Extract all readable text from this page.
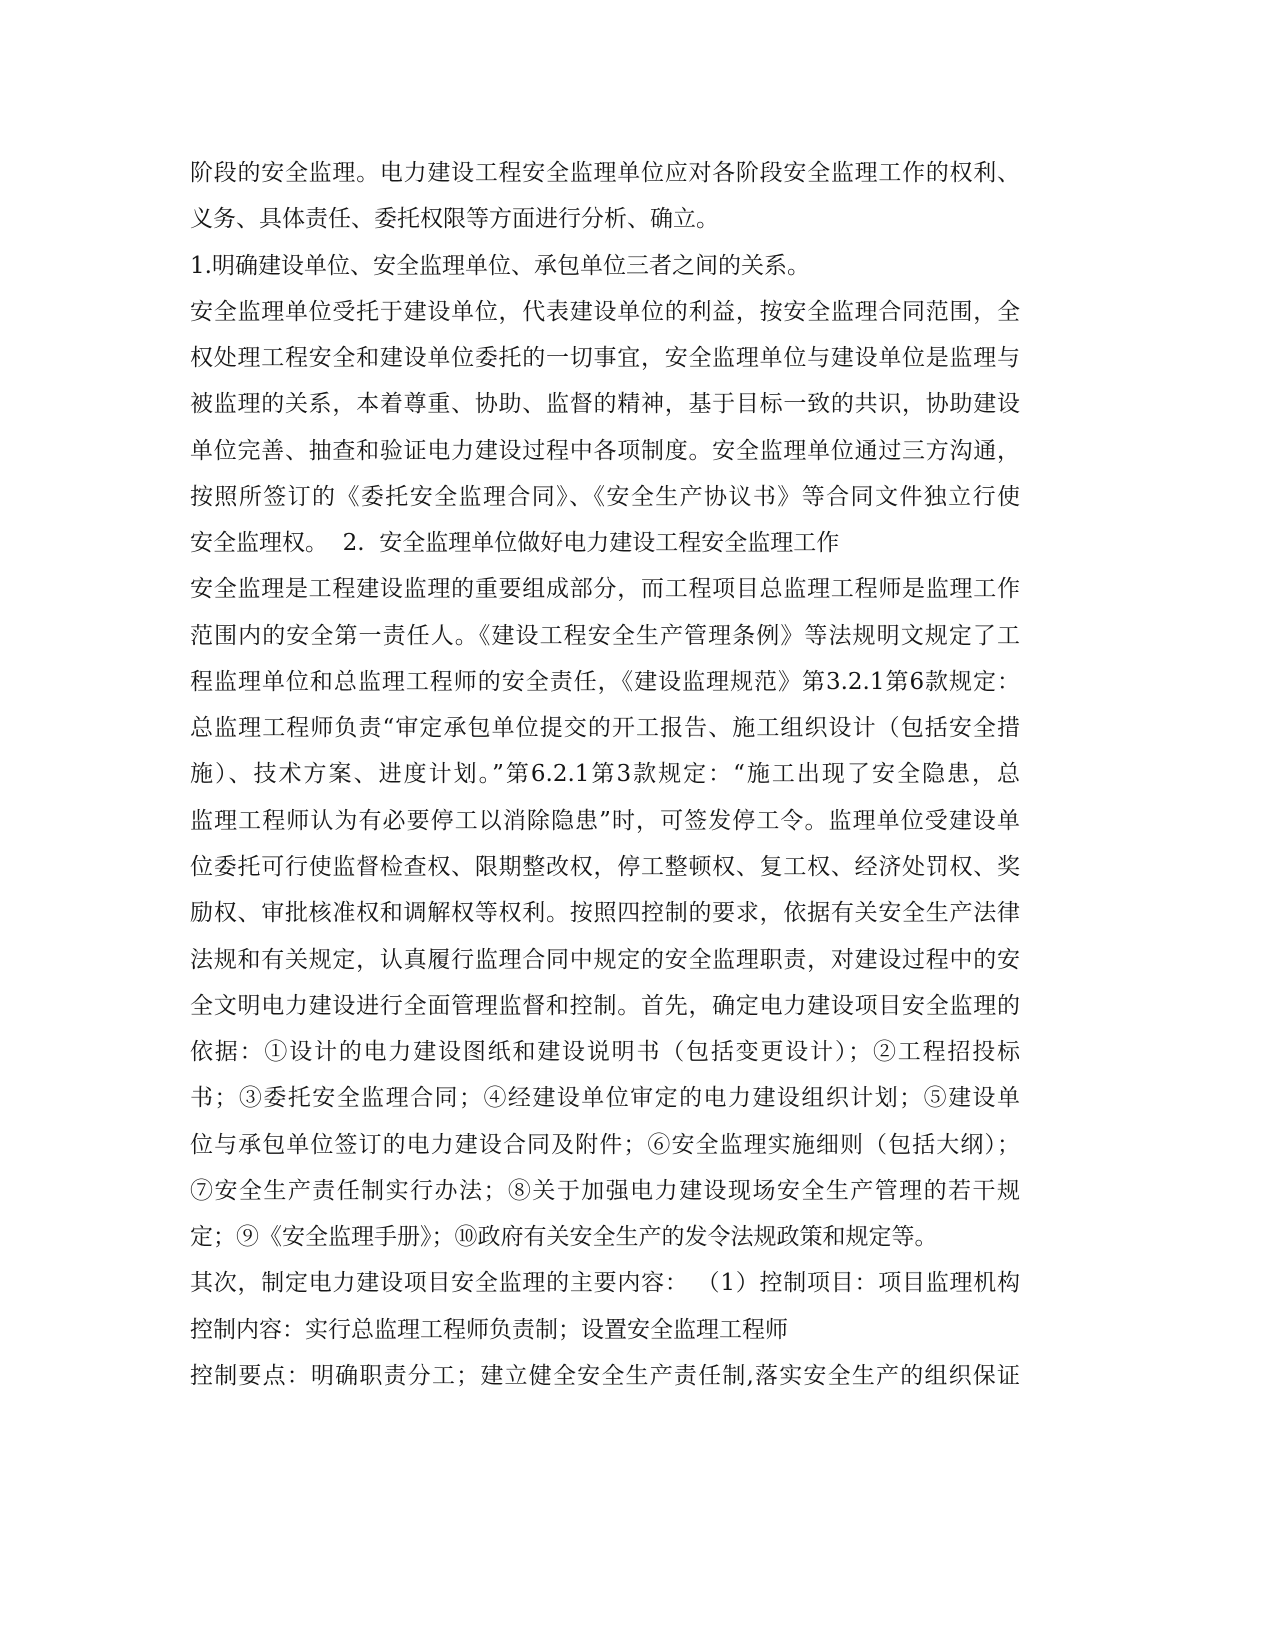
阶段的安全监理。电力建设工程安全监理单位应对各阶段安全监理工作的权利、
义务、具体责任、委托权限等方面进行分析、确立。
1.明确建设单位、安全监理单位、承包单位三者之间的关系。
安全监理单位受托于建设单位，代表建设单位的利益，按安全监理合同范围，全
权处理工程安全和建设单位委托的一切事宜，安全监理单位与建设单位是监理与
被监理的关系，本着尊重、协助、监督的精神，基于目标一致的共识，协助建设
单位完善、抽查和验证电力建设过程中各项制度。安全监理单位通过三方沟通，
按照所签订的《委托安全监理合同》、《安全生产协议书》等合同文件独立行使
安全监理权。  2.  安全监理单位做好电力建设工程安全监理工作
安全监理是工程建设监理的重要组成部分，而工程项目总监理工程师是监理工作
范围内的安全第一责任人。《建设工程安全生产管理条例》等法规明文规定了工
程监理单位和总监理工程师的安全责任，《建设监理规范》第3.2.1第6款规定：
总监理工程师负责“审定承包单位提交的开工报告、施工组织设计（包括安全措
施）、技术方案、进度计划。”第6.2.1第3款规定：“施工出现了安全隐患，总
监理工程师认为有必要停工以消除隐患”时，可签发停工令。监理单位受建设单
位委托可行使监督检查权、限期整改权，停工整顿权、复工权、经济处罚权、奖
励权、审批核准权和调解权等权利。按照四控制的要求，依据有关安全生产法律
法规和有关规定，认真履行监理合同中规定的安全监理职责，对建设过程中的安
全文明电力建设进行全面管理监督和控制。首先，确定电力建设项目安全监理的
依据：①设计的电力建设图纸和建设说明书（包括变更设计）；②工程招投标
书；③委托安全监理合同；④经建设单位审定的电力建设组织计划；⑤建设单
位与承包单位签订的电力建设合同及附件；⑥安全监理实施细则（包括大纲）；
⑦安全生产责任制实行办法；⑧关于加强电力建设现场安全生产管理的若干规
定；⑨《安全监理手册》；⑩政府有关安全生产的发令法规政策和规定等。
其次，制定电力建设项目安全监理的主要内容： （1）控制项目：项目监理机构
控制内容：实行总监理工程师负责制；设置安全监理工程师
控制要点：明确职责分工；建立健全安全生产责任制,落实安全生产的组织保证
